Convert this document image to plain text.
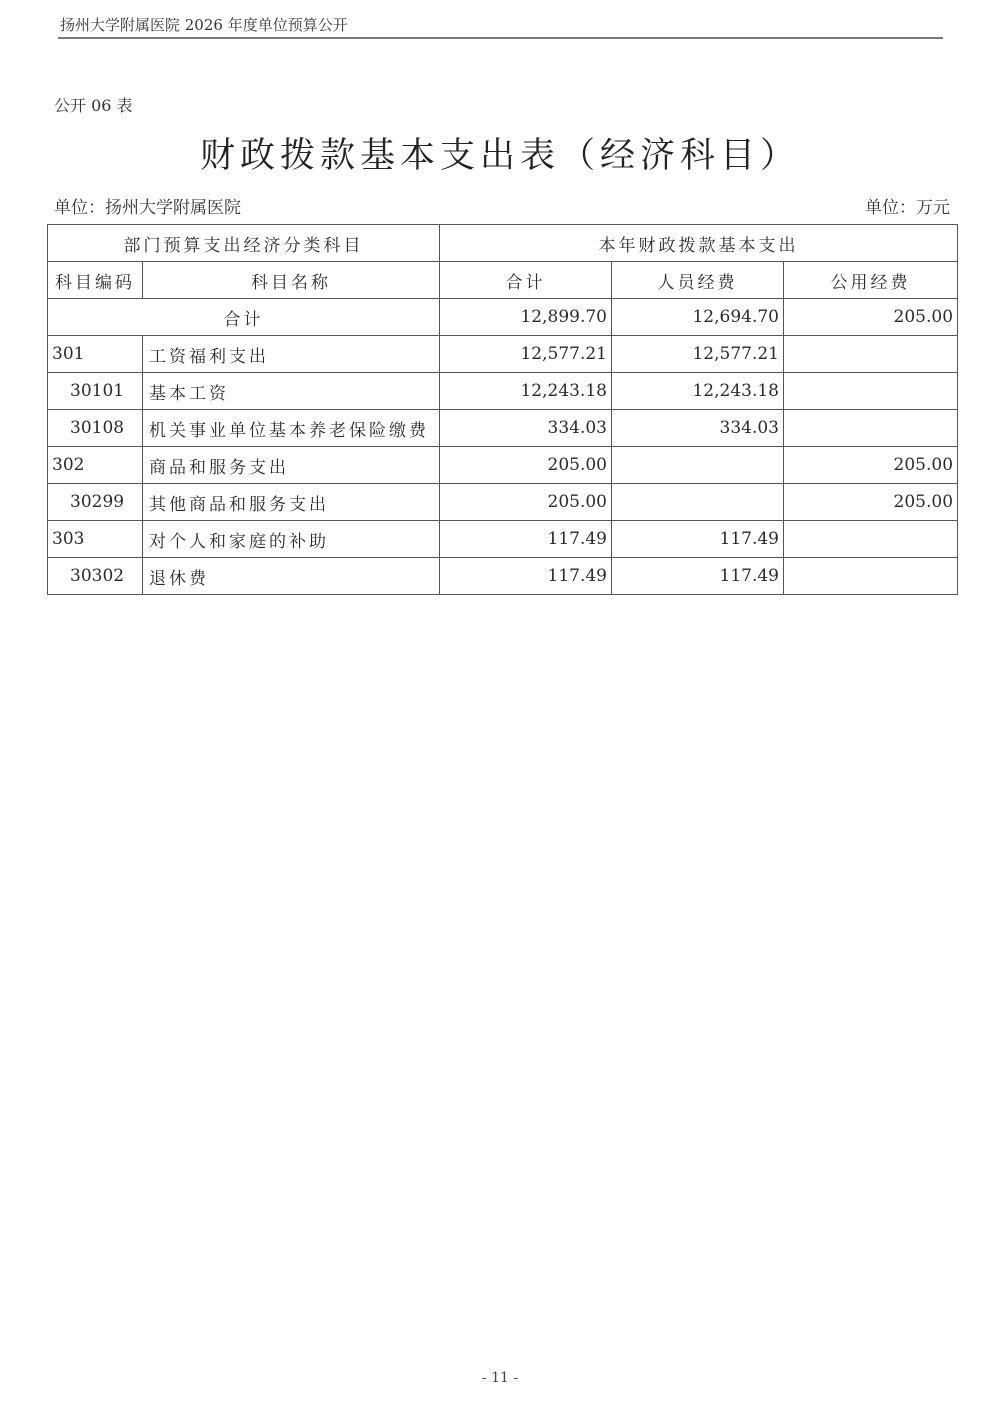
扬州大学附属医院 2026 年度单位预算公开
公开 06 表
财政拨款基本支出表（经济科目）
单位：扬州大学附属医院	单位：万元
部门预算支出经济分类科目		本年财政拨款基本支出		
科目编码	科目名称	合计	人员经费	公用经费
合计		12,899.70	12,694.70	205.00
301	工资福利支出	12,577.21	12,577.21	
30101	基本工资	12,243.18	12,243.18	
30108	机关事业单位基本养老保险缴费	334.03	334.03	
302	商品和服务支出	205.00		205.00
30299	其他商品和服务支出	205.00		205.00
303	对个人和家庭的补助	117.49	117.49	
30302	退休费	117.49	117.49	
- 11 -
